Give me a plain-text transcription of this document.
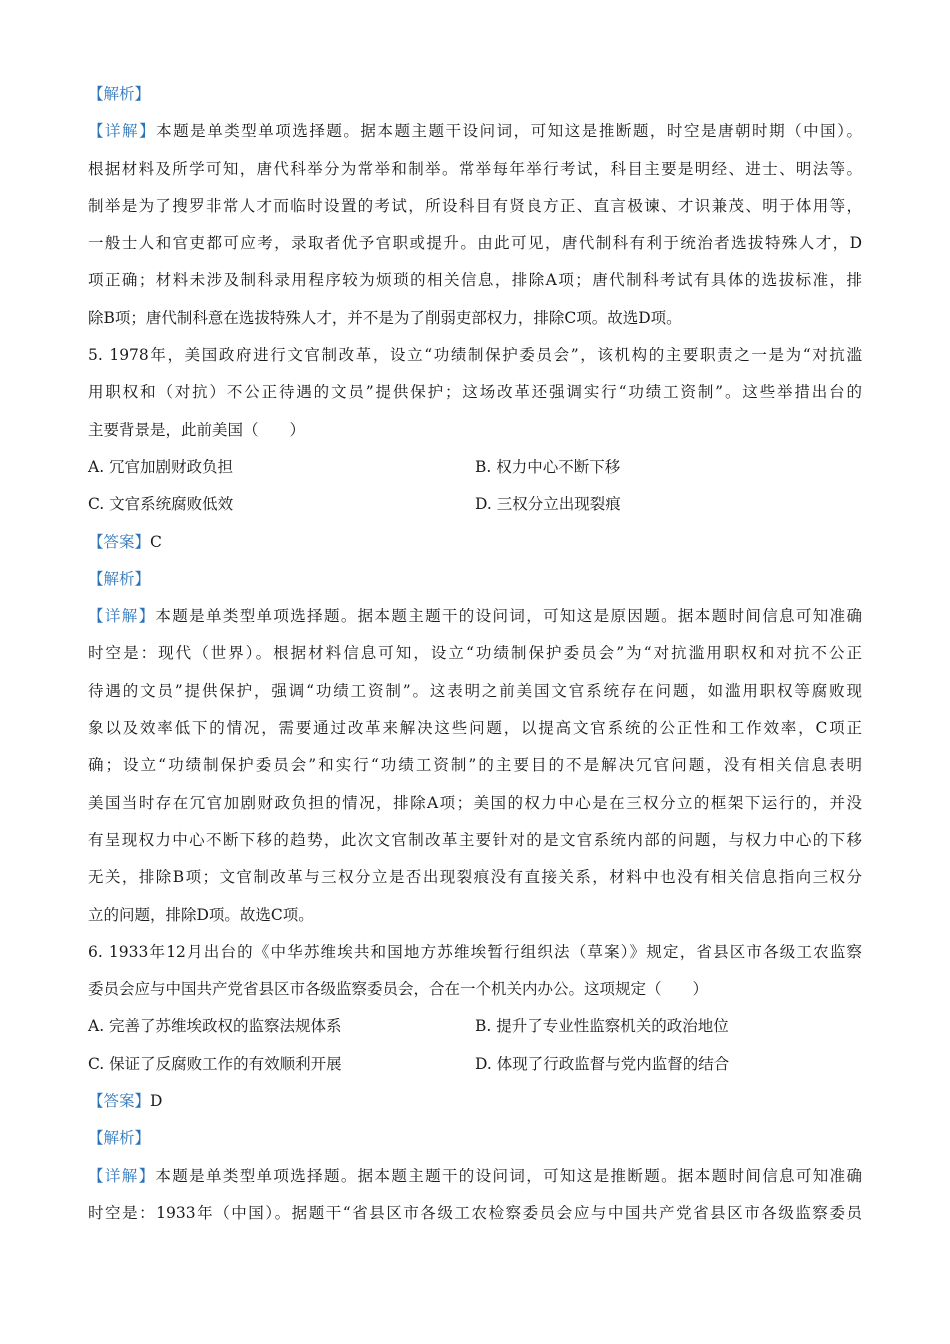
【解析】
【详解】本题是单类型单项选择题。据本题主题干设问词，可知这是推断题，时空是唐朝时期（中国）。
根据材料及所学可知，唐代科举分为常举和制举。常举每年举行考试，科目主要是明经、进士、明法等。
制举是为了搜罗非常人才而临时设置的考试，所设科目有贤良方正、直言极谏、才识兼茂、明于体用等，
一般士人和官吏都可应考，录取者优予官职或提升。由此可见，唐代制科有利于统治者选拔特殊人才，D
项正确；材料未涉及制科录用程序较为烦琐的相关信息，排除A项；唐代制科考试有具体的选拔标准，排
除B项；唐代制科意在选拔特殊人才，并不是为了削弱吏部权力，排除C项。故选D项。
5. 1978年，美国政府进行文官制改革，设立“功绩制保护委员会”，该机构的主要职责之一是为“对抗滥
用职权和（对抗）不公正待遇的文员”提供保护；这场改革还强调实行“功绩工资制”。这些举措出台的
主要背景是，此前美国（　　）
A. 冗官加剧财政负担	B. 权力中心不断下移
C. 文官系统腐败低效	D. 三权分立出现裂痕
【答案】C
【解析】
【详解】本题是单类型单项选择题。据本题主题干的设问词，可知这是原因题。据本题时间信息可知准确
时空是：现代（世界）。根据材料信息可知，设立“功绩制保护委员会”为“对抗滥用职权和对抗不公正
待遇的文员”提供保护，强调“功绩工资制”。这表明之前美国文官系统存在问题，如滥用职权等腐败现
象以及效率低下的情况，需要通过改革来解决这些问题，以提高文官系统的公正性和工作效率，C项正
确；设立“功绩制保护委员会”和实行“功绩工资制”的主要目的不是解决冗官问题，没有相关信息表明
美国当时存在冗官加剧财政负担的情况，排除A项；美国的权力中心是在三权分立的框架下运行的，并没
有呈现权力中心不断下移的趋势，此次文官制改革主要针对的是文官系统内部的问题，与权力中心的下移
无关，排除B项；文官制改革与三权分立是否出现裂痕没有直接关系，材料中也没有相关信息指向三权分
立的问题，排除D项。故选C项。
6. 1933年12月出台的《中华苏维埃共和国地方苏维埃暂行组织法（草案）》规定，省县区市各级工农监察
委员会应与中国共产党省县区市各级监察委员会，合在一个机关内办公。这项规定（　　）
A. 完善了苏维埃政权的监察法规体系	B. 提升了专业性监察机关的政治地位
C. 保证了反腐败工作的有效顺利开展	D. 体现了行政监督与党内监督的结合
【答案】D
【解析】
【详解】本题是单类型单项选择题。据本题主题干的设问词，可知这是推断题。据本题时间信息可知准确
时空是：1933年（中国）。据题干“省县区市各级工农检察委员会应与中国共产党省县区市各级监察委员
